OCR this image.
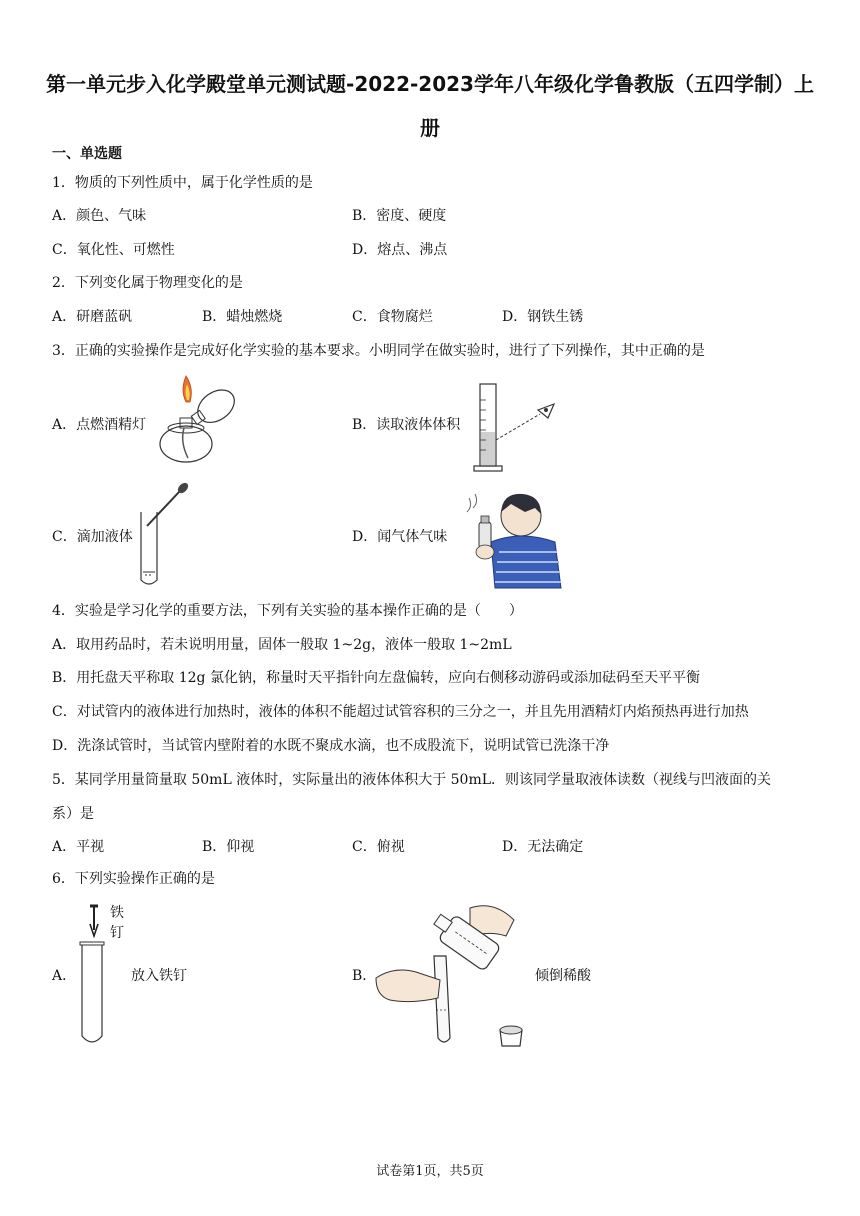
第一单元步入化学殿堂单元测试题-2022-2023学年八年级化学鲁教版（五四学制）上册
一、单选题
1．物质的下列性质中，属于化学性质的是
A．颜色、气味	B．密度、硬度
C．氧化性、可燃性	D．熔点、沸点
2．下列变化属于物理变化的是
A．研磨蓝矾	B．蜡烛燃烧	C．食物腐烂	D．钢铁生锈
3．正确的实验操作是完成好化学实验的基本要求。小明同学在做实验时，进行了下列操作，其中正确的是
A．点燃酒精灯	B．读取液体体积
C．滴加液体	D．闻气体气味
4．实验是学习化学的重要方法，下列有关实验的基本操作正确的是（　　）
A．取用药品时，若未说明用量，固体一般取 1~2g，液体一般取 1~2mL
B．用托盘天平称取 12g 氯化钠，称量时天平指针向左盘偏转，应向右侧移动游码或添加砝码至天平平衡
C．对试管内的液体进行加热时，液体的体积不能超过试管容积的三分之一，并且先用酒精灯内焰预热再进行加热
D．洗涤试管时，当试管内壁附着的水既不聚成水滴，也不成股流下，说明试管已洗涤干净
5．某同学用量筒量取 50mL 液体时，实际量出的液体体积大于 50mL．则该同学量取液体读数（视线与凹液面的关
系）是
A．平视	B．仰视	C．俯视	D．无法确定
6．下列实验操作正确的是
A．	放入铁钉	B．	倾倒稀酸
铁
钉
试卷第1页，共5页
